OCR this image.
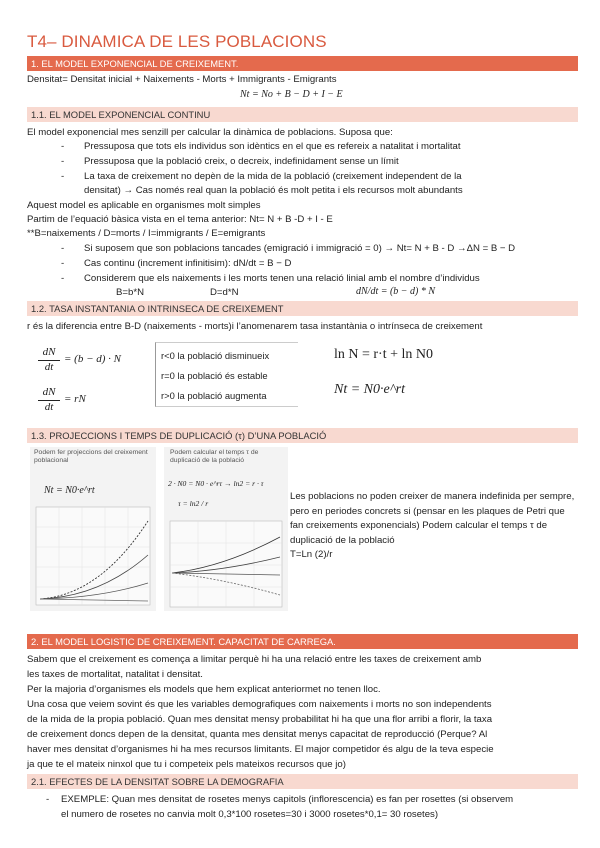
T4– DINAMICA DE LES POBLACIONS
1. EL MODEL EXPONENCIAL DE CREIXEMENT.
Densitat= Densitat inicial + Naixements - Morts + Immigrants - Emigrants
Nt = No + B − D + I − E
1.1. EL MODEL EXPONENCIAL CONTINU
El model exponencial mes senzill per calcular la dinàmica de poblacions. Suposa que:
- Pressuposa que tots els individus son idèntics en el que es refereix a natalitat i mortalitat
- Pressuposa que la població creix, o decreix, indefinidament sense un límit
- La taxa de creixement no depèn de la mida de la població (creixement independent de la
densitat) → Cas només real quan la població és molt petita i els recursos molt abundants
Aquest model es aplicable en organismes molt simples
Partim de l’equació bàsica vista en el tema anterior: Nt= N + B -D + I - E
**B=naixements / D=morts / I=immigrants / E=emigrants
- Si suposem que son poblacions tancades (emigració i immigració = 0) → Nt= N + B - D →ΔN = B − D
- Cas continu (increment infinitisim): dN/dt = B − D
- Considerem que els naixements i les morts tenen una relació linial amb el nombre d’individus
B=b*N	D=d*N	dN/dt = (b − d) * N
1.2. TASA INSTANTANIA O INTRINSECA DE CREIXEMENT
r és la diferencia entre B-D (naixements - morts)i l’anomenarem tasa instantània o intrínseca de creixement
dN
dt
= (b − d) · N
dN
dt
= rN
r<0 la població disminueix
r=0 la població és estable
r>0 la població augmenta
ln N = r·t + ln N0
Nt = N0·e^rt
1.3. PROJECCIONS I TEMPS DE DUPLICACIÓ (τ) D’UNA POBLACIÓ
Podem fer projeccions del creixement poblacional
Nt = N0·e^rt
Podem calcular el temps τ de duplicació de la població
2 · N0 = N0 · e^rτ → ln2 = r · τ
τ = ln2 / r
Les poblacions no poden creixer de manera indefinida per sempre, pero en periodes concrets si (pensar en les plaques de Petri que fan creixements exponencials) Podem calcular el temps τ de duplicació de la població
T=Ln (2)/r
2. EL MODEL LOGISTIC DE CREIXEMENT. CAPACITAT DE CARREGA.
Sabem que el creixement es comença a limitar perquè hi ha una relació entre les taxes de creixement amb
les taxes de mortalitat, natalitat i densitat.
Per la majoria d’organismes els models que hem explicat anteriormet no tenen lloc.
Una cosa que veiem sovint és que les variables demografiques com naixements i morts no son independents
de la mida de la propia població. Quan mes densitat mensy probabilitat hi ha que una flor arribi a florir, la taxa
de creixement doncs depen de la densitat, quanta mes densitat menys capacitat de reproducció (Perque? Al
haver mes densitat d’organismes hi ha mes recursos limitants. El major competidor és algu de la teva especie
ja que te el mateix ninxol que tu i competeix pels mateixos recursos que jo)
2.1. EFECTES DE LA DENSITAT SOBRE LA DEMOGRAFIA
- EXEMPLE: Quan mes densitat de rosetes menys capitols (inflorescencia) es fan per rosettes (si observem
el numero de rosetes no canvia molt 0,3*100 rosetes=30 i 3000 rosetes*0,1= 30 rosetes)
